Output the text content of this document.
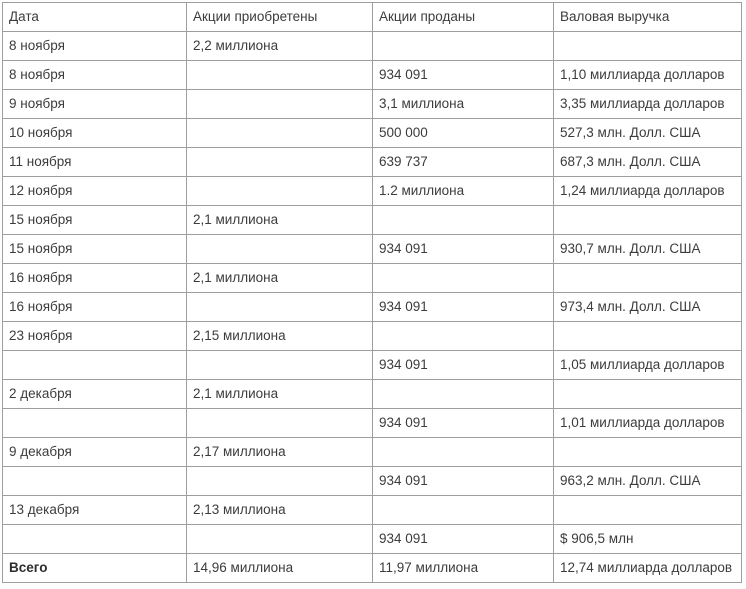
Дата	Акции приобретены	Акции проданы	Валовая выручка
8 ноября	2,2 миллиона		
8 ноября		934 091	1,10 миллиарда долларов
9 ноября		3,1 миллиона	3,35 миллиарда долларов
10 ноября		500 000	527,3 млн. Долл. США
11 ноября		639 737	687,3 млн. Долл. США
12 ноября		1.2 миллиона	1,24 миллиарда долларов
15 ноября	2,1 миллиона		
15 ноября		934 091	930,7 млн. Долл. США
16 ноября	2,1 миллиона		
16 ноября		934 091	973,4 млн. Долл. США
23 ноября	2,15 миллиона		
		934 091	1,05 миллиарда долларов
2 декабря	2,1 миллиона		
		934 091	1,01 миллиарда долларов
9 декабря	2,17 миллиона		
		934 091	963,2 млн. Долл. США
13 декабря	2,13 миллиона		
		934 091	$ 906,5 млн
Всего	14,96 миллиона	11,97 миллиона	12,74 миллиарда долларов
